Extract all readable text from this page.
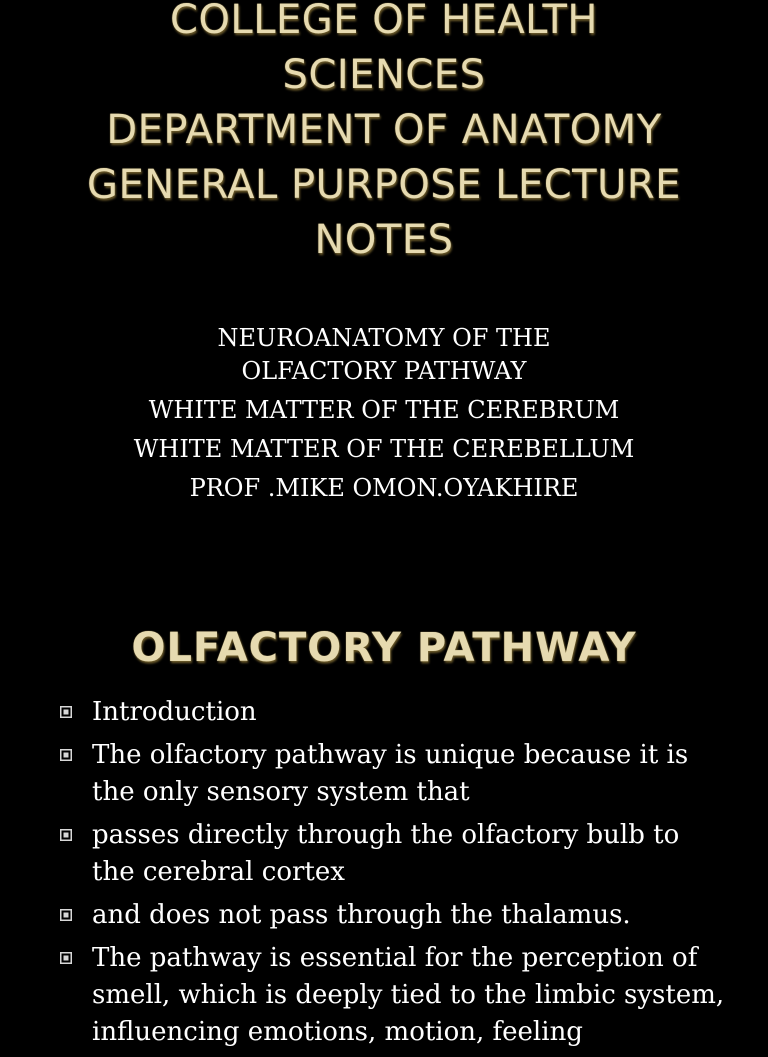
COLLEGE OF HEALTH
SCIENCES
DEPARTMENT OF ANATOMY
GENERAL PURPOSE LECTURE
NOTES
NEUROANATOMY OF THE
OLFACTORY PATHWAY
WHITE MATTER OF THE CEREBRUM
WHITE MATTER OF THE CEREBELLUM
PROF .MIKE OMON.OYAKHIRE
OLFACTORY PATHWAY
Introduction
The olfactory pathway is unique because it is the only sensory system that
passes directly through the olfactory bulb to the cerebral cortex
and does not pass through the thalamus.
The pathway is essential for the perception of smell, which is deeply tied to the limbic system, influencing emotions, motion, feeling
